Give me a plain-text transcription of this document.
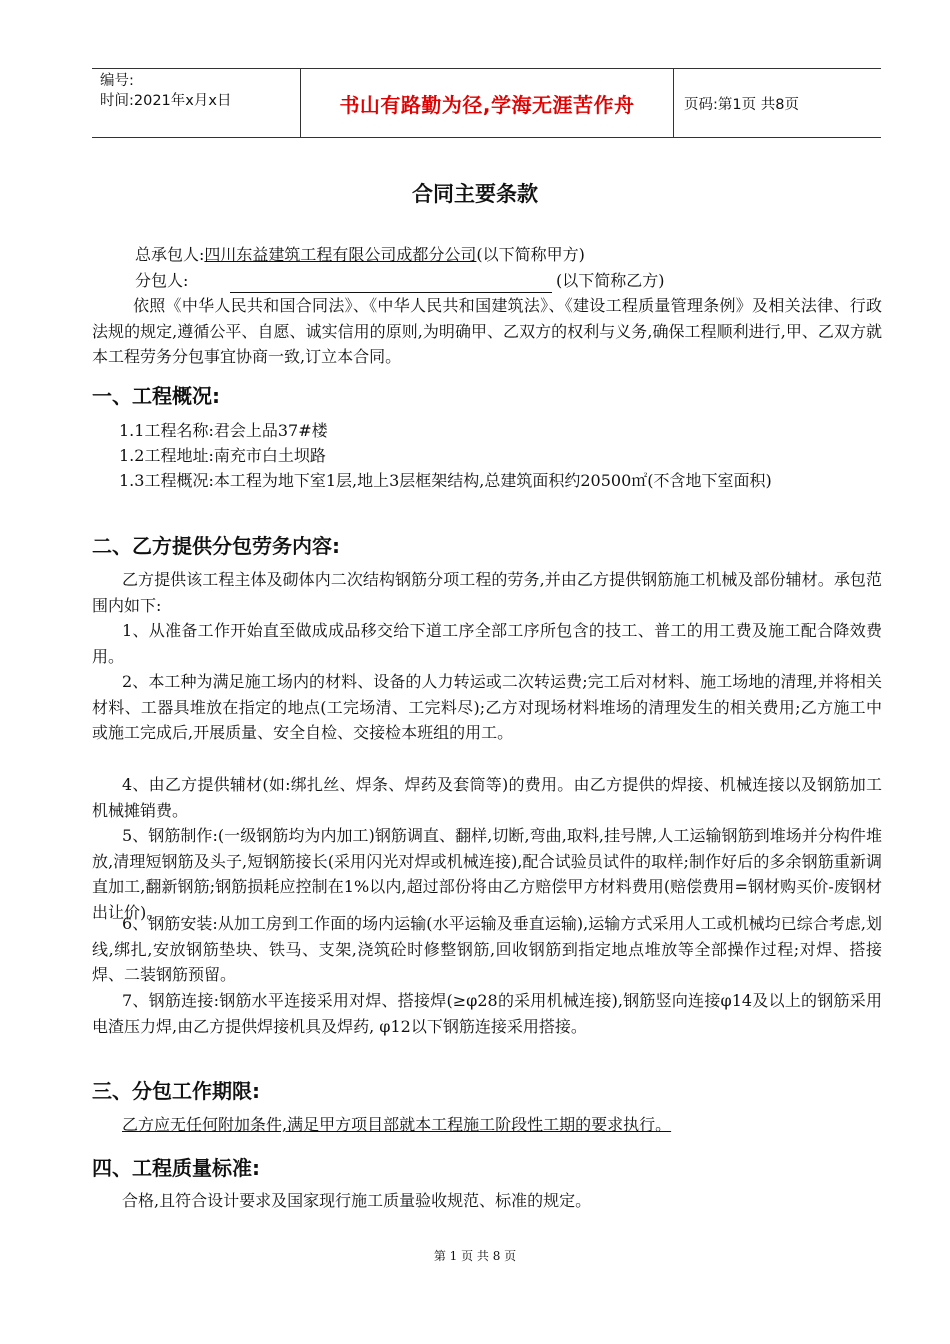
编号:
时间:2021年x月x日	书山有路勤为径,学海无涯苦作舟	页码:第1页 共8页
合同主要条款
总承包人:四川东益建筑工程有限公司成都分公司(以下简称甲方)
分包人:	(以下简称乙方)
依照《中华人民共和国合同法》、《中华人民共和国建筑法》、《建设工程质量管理条例》及相关法律、行政法规的规定,遵循公平、自愿、诚实信用的原则,为明确甲、乙双方的权利与义务,确保工程顺利进行,甲、乙双方就本工程劳务分包事宜协商一致,订立本合同。
一、工程概况:
1.1工程名称:君会上品37#楼
1.2工程地址:南充市白土坝路
1.3工程概况:本工程为地下室1层,地上3层框架结构,总建筑面积约20500㎡(不含地下室面积)
二、乙方提供分包劳务内容:
乙方提供该工程主体及砌体内二次结构钢筋分项工程的劳务,并由乙方提供钢筋施工机械及部份辅材。承包范围内如下:
1、从准备工作开始直至做成成品移交给下道工序全部工序所包含的技工、普工的用工费及施工配合降效费用。
2、本工种为满足施工场内的材料、设备的人力转运或二次转运费;完工后对材料、施工场地的清理,并将相关材料、工器具堆放在指定的地点(工完场清、工完料尽);乙方对现场材料堆场的清理发生的相关费用;乙方施工中或施工完成后,开展质量、安全自检、交接检本班组的用工。
4、由乙方提供辅材(如:绑扎丝、焊条、焊药及套筒等)的费用。由乙方提供的焊接、机械连接以及钢筋加工机械摊销费。
5、钢筋制作:(一级钢筋均为内加工)钢筋调直、翻样,切断,弯曲,取料,挂号牌,人工运输钢筋到堆场并分构件堆放,清理短钢筋及头子,短钢筋接长(采用闪光对焊或机械连接),配合试验员试件的取样;制作好后的多余钢筋重新调直加工,翻新钢筋;钢筋损耗应控制在1%以内,超过部份将由乙方赔偿甲方材料费用(赔偿费用=钢材购买价-废钢材出让价)。
6、钢筋安装:从加工房到工作面的场内运输(水平运输及垂直运输),运输方式采用人工或机械均已综合考虑,划线,绑扎,安放钢筋垫块、铁马、支架,浇筑砼时修整钢筋,回收钢筋到指定地点堆放等全部操作过程;对焊、搭接焊、二装钢筋预留。
7、钢筋连接:钢筋水平连接采用对焊、搭接焊(≥φ28的采用机械连接),钢筋竖向连接φ14及以上的钢筋采用电渣压力焊,由乙方提供焊接机具及焊药, φ12以下钢筋连接采用搭接。
三、分包工作期限:
乙方应无任何附加条件,满足甲方项目部就本工程施工阶段性工期的要求执行。
四、工程质量标准:
合格,且符合设计要求及国家现行施工质量验收规范、标准的规定。
第 1 页 共 8 页
